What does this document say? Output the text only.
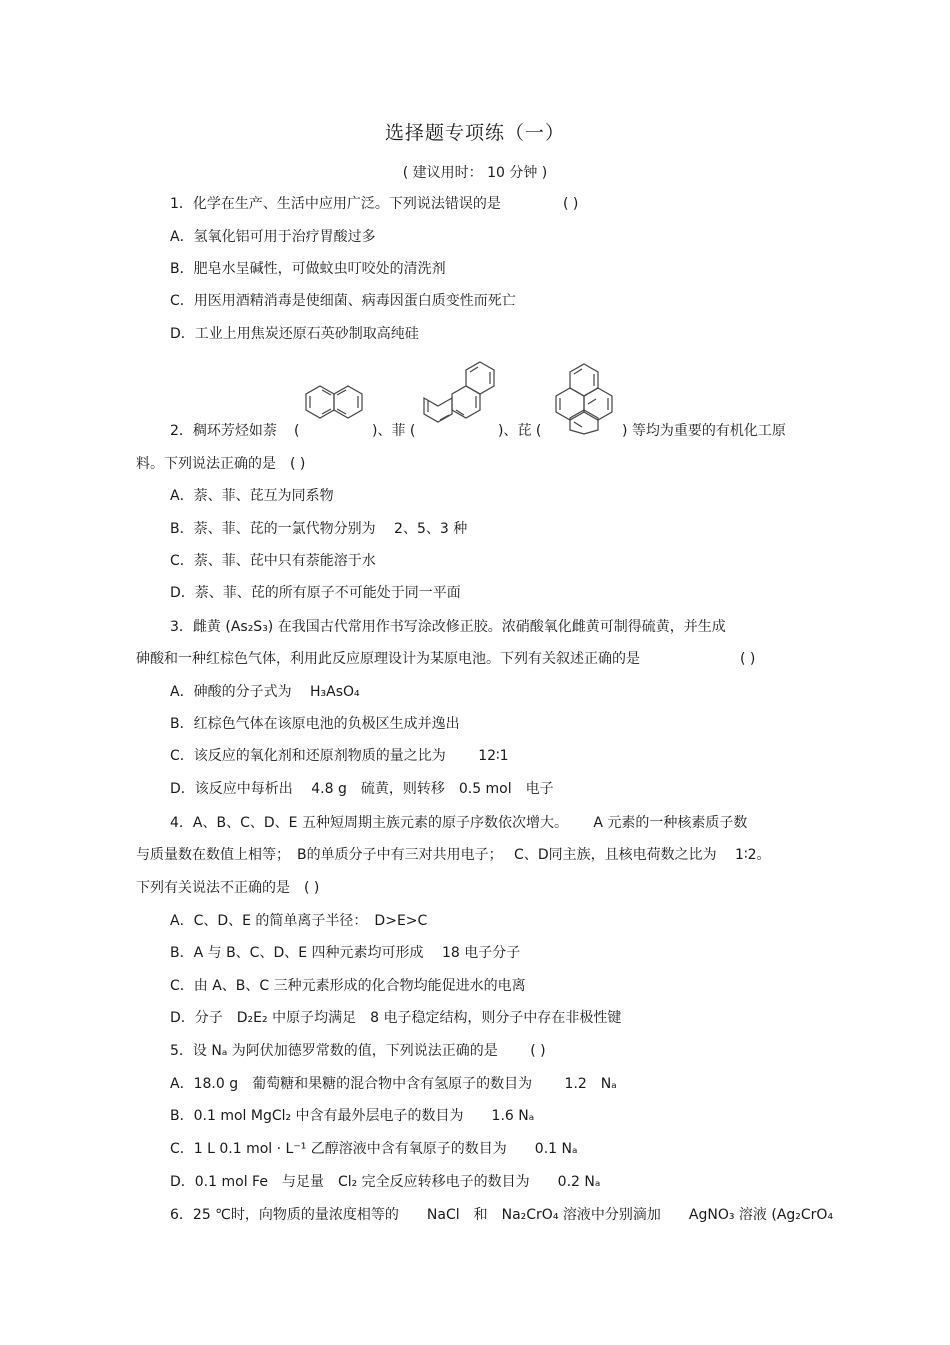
选择题专项练（一）
( 建议用时： 10 分钟 )
1．化学在生产、生活中应用广泛。下列说法错误的是	( )
A．氢氧化铝可用于治疗胃酸过多
B．肥皂水呈碱性，可做蚊虫叮咬处的清洗剂
C．用医用酒精消毒是使细菌、病毒因蛋白质变性而死亡
D．工业上用焦炭还原石英砂制取高纯硅
2．稠环芳烃如萘 (	)、菲 (	)、芘 (	) 等均为重要的有机化工原
料。下列说法正确的是　( )
A．萘、菲、芘互为同系物
B．萘、菲、芘的一氯代物分别为　 2、5、3 种
C．萘、菲、芘中只有萘能溶于水
D．萘、菲、芘的所有原子不可能处于同一平面
3．雌黄 (As₂S₃) 在我国古代常用作书写涂改修正胶。浓硝酸氧化雌黄可制得硫黄，并生成
砷酸和一种红棕色气体，利用此反应原理设计为某原电池。下列有关叙述正确的是	( )
A．砷酸的分子式为　 H₃AsO₄
B．红棕色气体在该原电池的负极区生成并逸出
C．该反应的氧化剂和还原剂物质的量之比为　　 12∶1
D．该反应中每析出　 4.8 g　硫黄，则转移　0.5 mol　电子
4．A、B、C、D、E 五种短周期主族元素的原子序数依次增大。　　 A 元素的一种核素质子数
与质量数在数值上相等；　B的单质分子中有三对共用电子；　 C、D同主族，且核电荷数之比为　 1∶2。
下列有关说法不正确的是　( )
A．C、D、E 的简单离子半径：　D>E>C
B．A 与 B、C、D、E 四种元素均可形成　 18 电子分子
C．由 A、B、C 三种元素形成的化合物均能促进水的电离
D．分子　D₂E₂ 中原子均满足　8 电子稳定结构，则分子中存在非极性键
5．设 Nₐ 为阿伏加德罗常数的值，下列说法正确的是　　 ( )
A．18.0 g　葡萄糖和果糖的混合物中含有氢原子的数目为　　 1.2　Nₐ
B．0.1 mol MgCl₂ 中含有最外层电子的数目为　　1.6 Nₐ
C．1 L 0.1 mol · L⁻¹ 乙醇溶液中含有氧原子的数目为　　0.1 Nₐ
D．0.1 mol Fe　与足量　Cl₂ 完全反应转移电子的数目为　　0.2 Nₐ
6．25 ℃时，向物质的量浓度相等的　　NaCl　和　Na₂CrO₄ 溶液中分别滴加　　AgNO₃ 溶液 (Ag₂CrO₄
